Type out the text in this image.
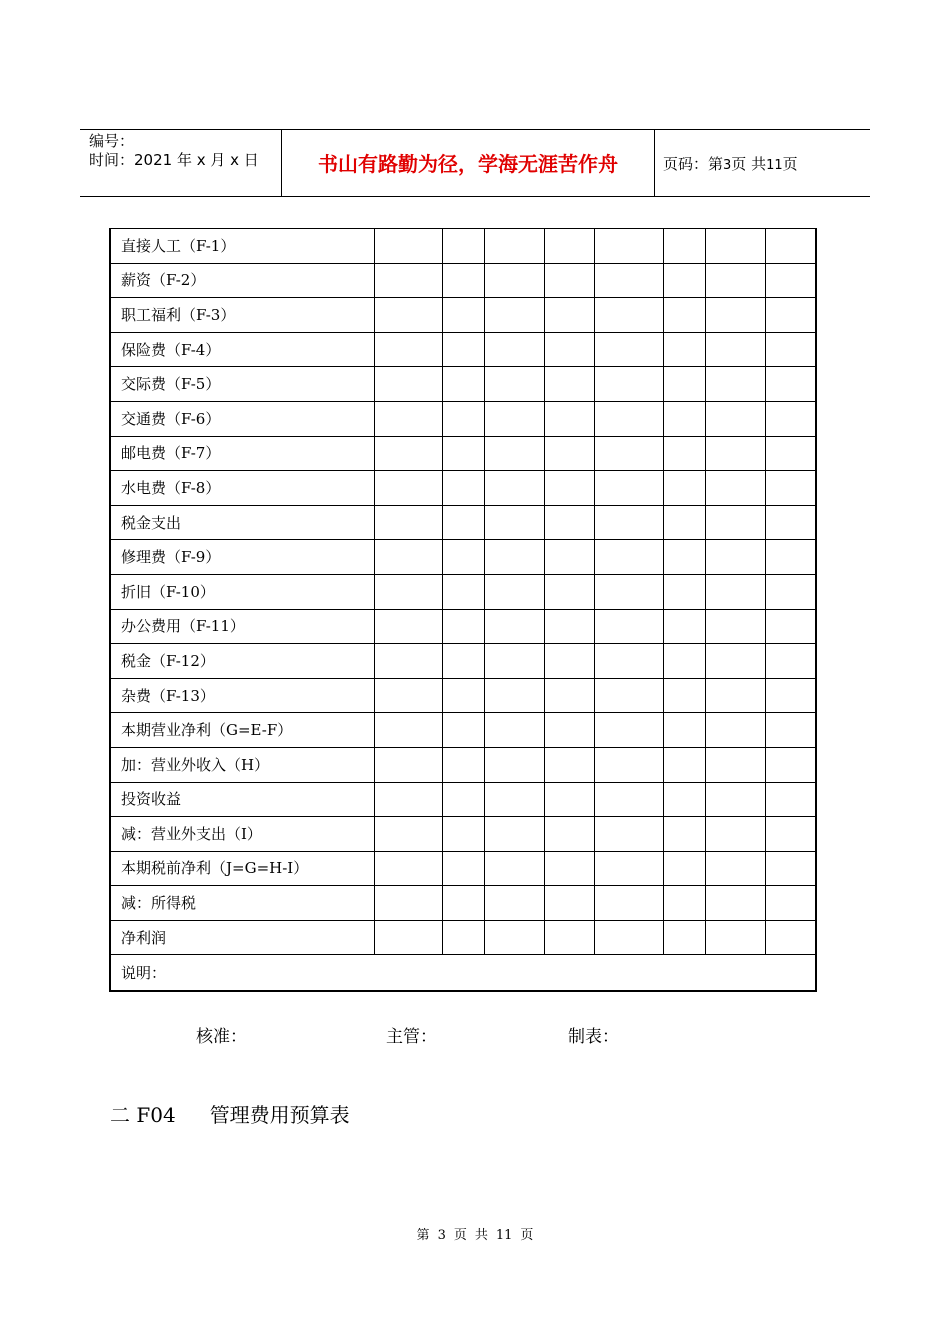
编号：
时间：2021 年 x 月 x 日	书山有路勤为径，学海无涯苦作舟	页码：第3页 共11页
直接人工（F-1）								
薪资（F-2）								
职工福利（F-3）								
保险费（F-4）								
交际费（F-5）								
交通费（F-6）								
邮电费（F-7）								
水电费（F-8）								
税金支出								
修理费（F-9）								
折旧（F-10）								
办公费用（F-11）								
税金（F-12）								
杂费（F-13）								
本期营业净利（G=E-F）								
加：营业外收入（H）								
投资收益								
减：营业外支出（I）								
本期税前净利（J=G=H-I）								
减：所得税								
净利润								
说明：								
核准：	主管：	制表：
二 F04 管理费用预算表
第 3 页 共 11 页
